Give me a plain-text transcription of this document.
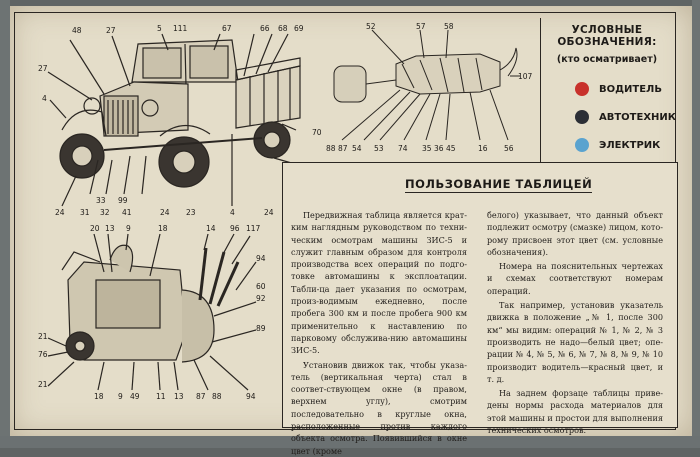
48	27	5 111	67	66 68 69
27
4
70
33
32
99
41	24 23	4
31
24	24
52	57 58
107
88 87 54 53 74 35 36 45	16 56
20 13 9	18	14 96 117
94
60
92
89
21
76
21
18 9 49 11 13 87 88	94
УСЛОВНЫЕ ОБОЗНАЧЕНИЯ:
(кто осматривает)
ВОДИТЕЛЬ
АВТОТЕХНИК
ЭЛЕКТРИК
ПОЛЬЗОВАНИЕ ТАБЛИЦЕЙ

Передвижная таблица является крат-ким наглядным руководством по техни-ческим осмотрам машины ЗИС-5 и служит главным образом для контроля производства всех операций по подго-товке автомашины к эксплоатации. Табли-ца дает указания по осмотрам, произ-водимым ежедневно, после пробега 300 км и после пробега 900 км применительно к наставлению по парковому обслужива-нию автомашины ЗИС-5.

Установив движок так, чтобы указа-тель (вертикальная черта) стал в соответ-ствующем окне (в правом, верхнем углу), смотрим последовательно в круглые окна, расположенные против каждого объекта осмотра. Появившийся в окне цвет (кроме

белого) указывает, что данный объект подлежит осмотру (смазке) лицом, кото-рому присвоен этот цвет (см. условные обозначения).

Номера на пояснительных чертежах и схемах соответствуют номерам операций.

Так например, установив указатель движка в положение „№ 1, после 300 км“ мы видим: операций № 1, № 2, № 3 производить не надо—белый цвет; опе-рации № 4, № 5, № 6, № 7, № 8, № 9, № 10 производит водитель—красный цвет, и т. д.

На заднем форзаце таблицы приве-дены нормы расхода материалов для этой машины и простои для выполнения технических осмотров.
